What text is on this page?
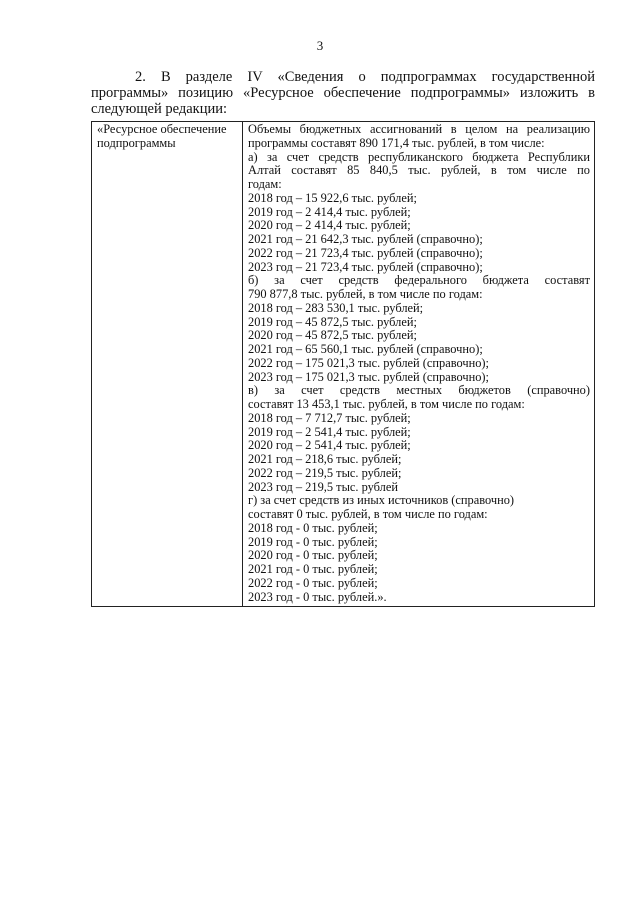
3
2. В разделе IV «Сведения о подпрограммах государственной
программы» позицию «Ресурсное обеспечение подпрограммы» изложить в
следующей редакции:
«Ресурсное обеспечение
подпрограммы

Объемы бюджетных ассигнований в целом на реализацию
программы составят 890 171,4 тыс. рублей, в том числе:
а) за счет средств республиканского бюджета Республики
Алтай составят 85 840,5 тыс. рублей, в том числе по
годам:
2018 год – 15 922,6 тыс. рублей;
2019 год – 2 414,4 тыс. рублей;
2020 год – 2 414,4 тыс. рублей;
2021 год – 21 642,3 тыс. рублей (справочно);
2022 год – 21 723,4 тыс. рублей (справочно);
2023 год – 21 723,4 тыс. рублей (справочно);
б) за счет средств федерального бюджета составят
790 877,8 тыс. рублей, в том числе по годам:
2018 год – 283 530,1 тыс. рублей;
2019 год – 45 872,5 тыс. рублей;
2020 год – 45 872,5 тыс. рублей;
2021 год – 65 560,1 тыс. рублей (справочно);
2022 год – 175 021,3 тыс. рублей (справочно);
2023 год – 175 021,3 тыс. рублей (справочно);
в) за счет средств местных бюджетов (справочно)
составят 13 453,1 тыс. рублей, в том числе по годам:
2018 год – 7 712,7 тыс. рублей;
2019 год – 2 541,4 тыс. рублей;
2020 год – 2 541,4 тыс. рублей;
2021 год – 218,6 тыс. рублей;
2022 год – 219,5 тыс. рублей;
2023 год – 219,5 тыс. рублей
г) за счет средств из иных источников (справочно)
составят 0 тыс. рублей, в том числе по годам:
2018 год - 0 тыс. рублей;
2019 год - 0 тыс. рублей;
2020 год - 0 тыс. рублей;
2021 год - 0 тыс. рублей;
2022 год - 0 тыс. рублей;
2023 год - 0 тыс. рублей.».
